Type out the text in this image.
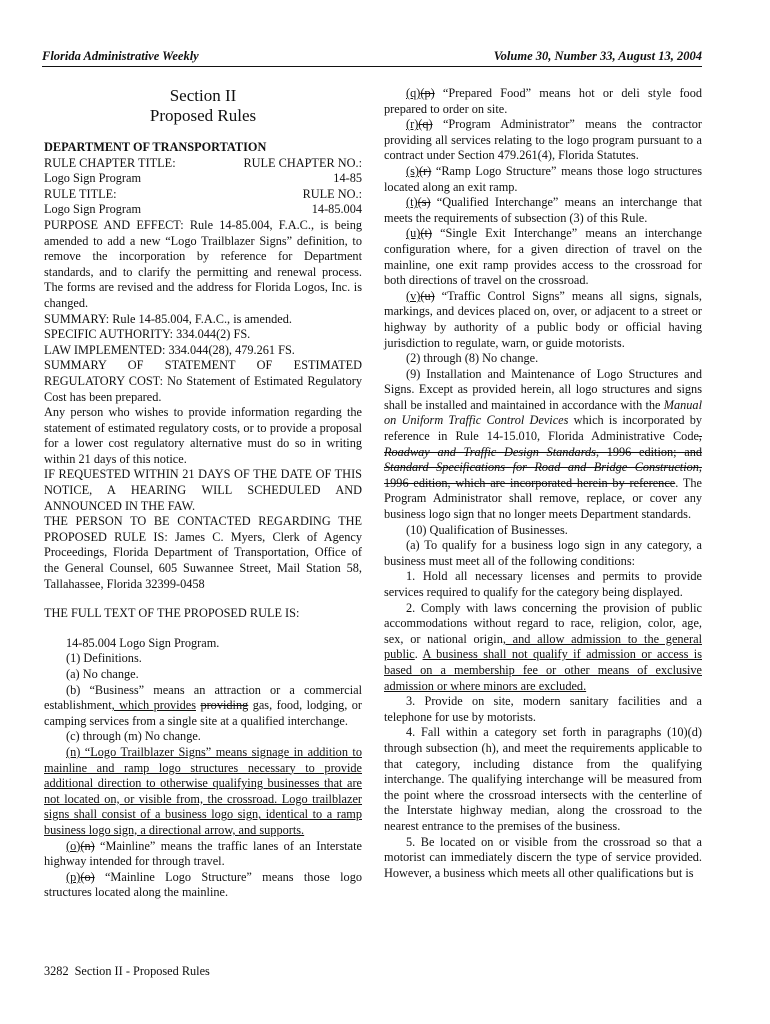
Florida Administrative Weekly	Volume 30, Number 33, August 13, 2004

Section II

Proposed Rules

DEPARTMENT OF TRANSPORTATION

RULE CHAPTER TITLE:	RULE CHAPTER NO.:

Logo Sign Program	14-85

RULE TITLE:	RULE NO.:

Logo Sign Program	14-85.004

PURPOSE AND EFFECT: Rule 14-85.004, F.A.C., is being amended to add a new “Logo Trailblazer Signs” definition, to remove the incorporation by reference for Department standards, and to clarify the permitting and renewal process. The forms are revised and the address for Florida Logos, Inc. is changed.

SUMMARY: Rule 14-85.004, F.A.C., is amended.

SPECIFIC AUTHORITY: 334.044(2) FS.

LAW IMPLEMENTED: 334.044(28), 479.261 FS.

SUMMARY OF STATEMENT OF ESTIMATED REGULATORY COST: No Statement of Estimated Regulatory Cost has been prepared.

Any person who wishes to provide information regarding the statement of estimated regulatory costs, or to provide a proposal for a lower cost regulatory alternative must do so in writing within 21 days of this notice.

IF REQUESTED WITHIN 21 DAYS OF THE DATE OF THIS NOTICE, A HEARING WILL SCHEDULED AND ANNOUNCED IN THE FAW.

THE PERSON TO BE CONTACTED REGARDING THE PROPOSED RULE IS: James C. Myers, Clerk of Agency Proceedings, Florida Department of Transportation, Office of the General Counsel, 605 Suwannee Street, Mail Station 58, Tallahassee, Florida 32399-0458

THE FULL TEXT OF THE PROPOSED RULE IS:

14-85.004 Logo Sign Program.

(1) Definitions.

(a) No change.

(b) “Business” means an attraction or a commercial establishment, which provides providing gas, food, lodging, or camping services from a single site at a qualified interchange.

(c) through (m) No change.

(n) “Logo Trailblazer Signs” means signage in addition to mainline and ramp logo structures necessary to provide additional direction to otherwise qualifying businesses that are not located on, or visible from, the crossroad. Logo trailblazer signs shall consist of a business logo sign, identical to a ramp business logo sign, a directional arrow, and supports.

(o)(n) “Mainline” means the traffic lanes of an Interstate highway intended for through travel.

(p)(o) “Mainline Logo Structure” means those logo structures located along the mainline.

(q)(p) “Prepared Food” means hot or deli style food prepared to order on site.

(r)(q) “Program Administrator” means the contractor providing all services relating to the logo program pursuant to a contract under Section 479.261(4), Florida Statutes.

(s)(r) “Ramp Logo Structure” means those logo structures located along an exit ramp.

(t)(s) “Qualified Interchange” means an interchange that meets the requirements of subsection (3) of this Rule.

(u)(t) “Single Exit Interchange” means an interchange configuration where, for a given direction of travel on the mainline, one exit ramp provides access to the crossroad for both directions of travel on the crossroad.

(v)(u) “Traffic Control Signs” means all signs, signals, markings, and devices placed on, over, or adjacent to a street or highway by authority of a public body or official having jurisdiction to regulate, warn, or guide motorists.

(2) through (8) No change.

(9) Installation and Maintenance of Logo Structures and Signs. Except as provided herein, all logo structures and signs shall be installed and maintained in accordance with the Manual on Uniform Traffic Control Devices which is incorporated by reference in Rule 14-15.010, Florida Administrative Code, Roadway and Traffic Design Standards, 1996 edition; and Standard Specifications for Road and Bridge Construction, 1996 edition, which are incorporated herein by reference. The Program Administrator shall remove, replace, or cover any business logo sign that no longer meets Department standards.

(10) Qualification of Businesses.

(a) To qualify for a business logo sign in any category, a business must meet all of the following conditions:

1. Hold all necessary licenses and permits to provide services required to qualify for the category being displayed.

2. Comply with laws concerning the provision of public accommodations without regard to race, religion, color, age, sex, or national origin, and allow admission to the general public. A business shall not qualify if admission or access is based on a membership fee or other means of exclusive admission or where minors are excluded.

3. Provide on site, modern sanitary facilities and a telephone for use by motorists.

4. Fall within a category set forth in paragraphs (10)(d) through subsection (h), and meet the requirements applicable to that category, including distance from the qualifying interchange. The qualifying interchange will be measured from the point where the crossroad intersects with the centerline of the Interstate highway median, along the crossroad to the nearest entrance to the premises of the business.

5. Be located on or visible from the crossroad so that a motorist can immediately discern the type of service provided. However, a business which meets all other qualifications but is

3282 Section II - Proposed Rules
